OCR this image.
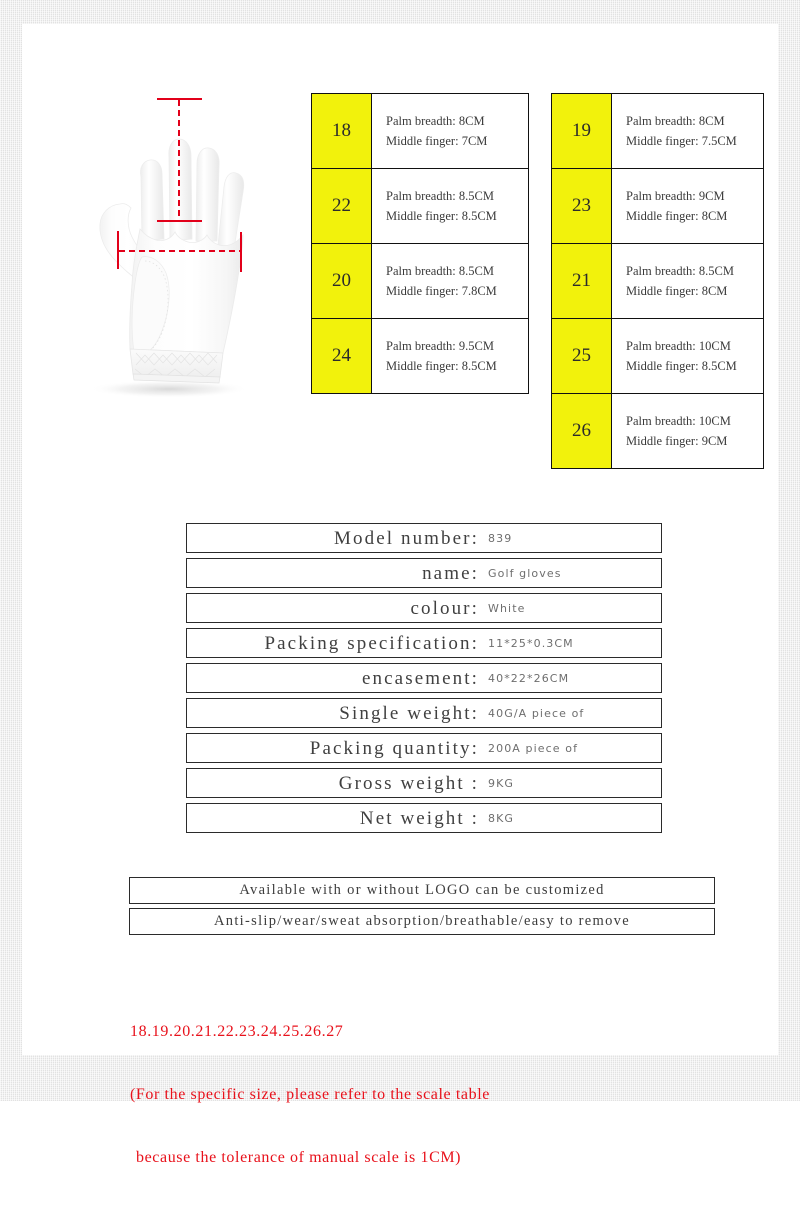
18	Palm breadth: 8CM
Middle finger: 7CM

22	Palm breadth: 8.5CM
Middle finger: 8.5CM

20	Palm breadth: 8.5CM
Middle finger: 7.8CM

24	Palm breadth: 9.5CM
Middle finger: 8.5CM
19	Palm breadth: 8CM
Middle finger: 7.5CM

23	Palm breadth: 9CM
Middle finger: 8CM

21	Palm breadth: 8.5CM
Middle finger: 8CM

25	Palm breadth: 10CM
Middle finger: 8.5CM

26	Palm breadth: 10CM
Middle finger: 9CM
Model number: 839
name: Golf gloves
colour: White
Packing specification: 11*25*0.3CM
encasement: 40*22*26CM
Single weight: 40G/A piece of
Packing quantity: 200A piece of
Gross weight : 9KG
Net weight : 8KG
Available with or without LOGO can be customized
Anti-slip/wear/sweat absorption/breathable/easy to remove

18.19.20.21.22.23.24.25.26.27

(For the specific size, please refer to the scale table

because the tolerance of manual scale is 1CM)
